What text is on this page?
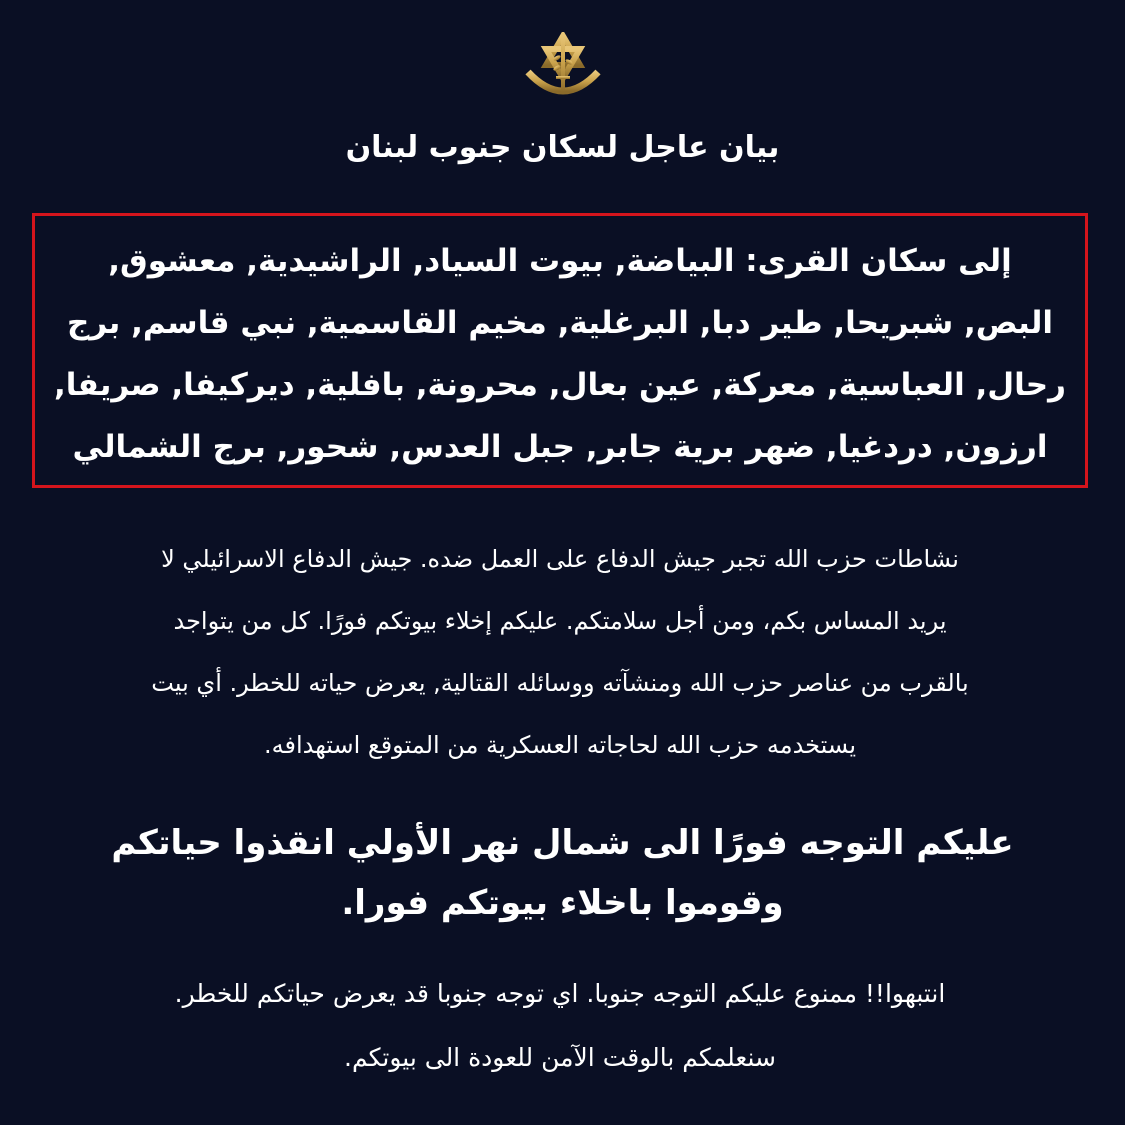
بيان عاجل لسكان جنوب لبنان
إلى سكان القرى: البياضة, بيوت السياد, الراشيدية, معشوق,
البص, شبريحا, طير دبا, البرغلية, مخيم القاسمية, نبي قاسم, برج
رحال, العباسية, معركة, عين بعال, محرونة, بافلية, ديركيفا, صريفا,
ارزون, دردغيا, ضهر برية جابر, جبل العدس, شحور, برج الشمالي
نشاطات حزب الله تجبر جيش الدفاع على العمل ضده. جيش الدفاع الاسرائيلي لا
يريد المساس بكم، ومن أجل سلامتكم. عليكم إخلاء بيوتكم فورًا. كل من يتواجد
بالقرب من عناصر حزب الله ومنشآته ووسائله القتالية, يعرض حياته للخطر. أي بيت
يستخدمه حزب الله لحاجاته العسكرية من المتوقع استهدافه.
عليكم التوجه فورًا الى شمال نهر الأولي انقذوا حياتكم
وقوموا باخلاء بيوتكم فورا.
انتبهوا!! ممنوع عليكم التوجه جنوبا. اي توجه جنوبا قد يعرض حياتكم للخطر.
سنعلمكم بالوقت الآمن للعودة الى بيوتكم.
